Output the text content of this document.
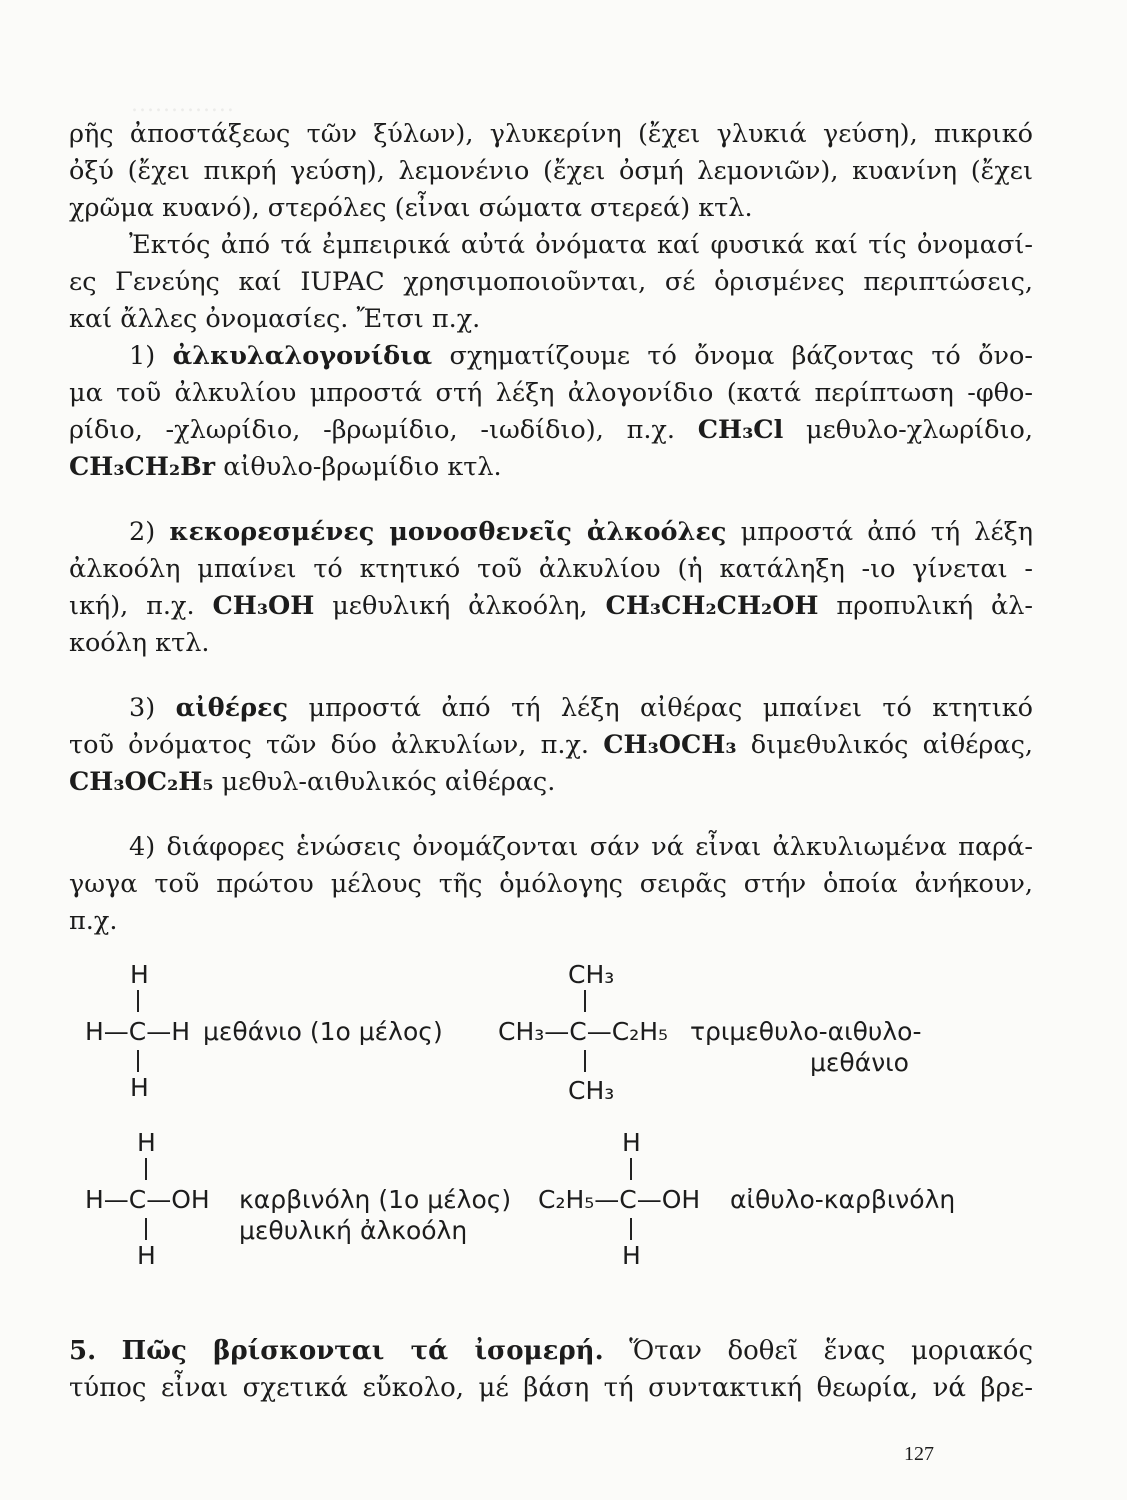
.............
ρῆς ἀποστάξεως τῶν ξύλων), γλυκερίνη (ἔχει γλυκιά γεύση), πικρικό
ὀξύ (ἔχει πικρή γεύση), λεμονένιο (ἔχει ὀσμή λεμονιῶν), κυανίνη (ἔχει
χρῶμα κυανό), στερόλες (εἶναι σώματα στερεά) κτλ.
Ἐκτός ἀπό τά ἐμπειρικά αὐτά ὀνόματα καί φυσικά καί τίς ὀνομασί-
ες Γενεύης καί IUPAC χρησιμοποιοῦνται, σέ ὁρισμένες περιπτώσεις,
καί ἄλλες ὀνομασίες. Ἔτσι π.χ.
1) ἀλκυλαλογονίδια σχηματίζουμε τό ὄνομα βάζοντας τό ὄνο-
μα τοῦ ἀλκυλίου μπροστά στή λέξη ἀλογονίδιο (κατά περίπτωση -φθο-
ρίδιο, -χλωρίδιο, -βρωμίδιο, -ιωδίδιο), π.χ. CH₃Cl μεθυλο-χλωρίδιο,
CH₃CH₂Br αἰθυλο-βρωμίδιο κτλ.
2) κεκορεσμένες μονοσθενεῖς ἀλκοόλες μπροστά ἀπό τή λέξη
ἀλκοόλη μπαίνει τό κτητικό τοῦ ἀλκυλίου (ἡ κατάληξη -ιο γίνεται -
ική), π.χ. CH₃OH μεθυλική ἀλκοόλη, CH₃CH₂CH₂OH προπυλική ἀλ-
κοόλη κτλ.
3) αἰθέρες μπροστά ἀπό τή λέξη αἰθέρας μπαίνει τό κτητικό
τοῦ ὀνόματος τῶν δύο ἀλκυλίων, π.χ. CH₃OCH₃ διμεθυλικός αἰθέρας,
CH₃OC₂H₅ μεθυλ-αιθυλικός αἰθέρας.
4) διάφορες ἑνώσεις ὀνομάζονται σάν νά εἶναι ἀλκυλιωμένα παρά-
γωγα τοῦ πρώτου μέλους τῆς ὁμόλογης σειρᾶς στήν ὁποία ἀνήκουν,
π.χ.
H
H—C—H μεθάνιο (1ο μέλος)
H
CH₃
CH₃—C—C₂H₅ τριμεθυλο-αιθυλο-
μεθάνιο
CH₃
H
H—C—OH καρβινόλη (1ο μέλος)
μεθυλική ἀλκοόλη
H
H
C₂H₅—C—OH αἰθυλο-καρβινόλη
H
5. Πῶς βρίσκονται τά ἰσομερή. Ὅταν δοθεῖ ἕνας μοριακός
τύπος εἶναι σχετικά εὔκολο, μέ βάση τή συντακτική θεωρία, νά βρε-
127
